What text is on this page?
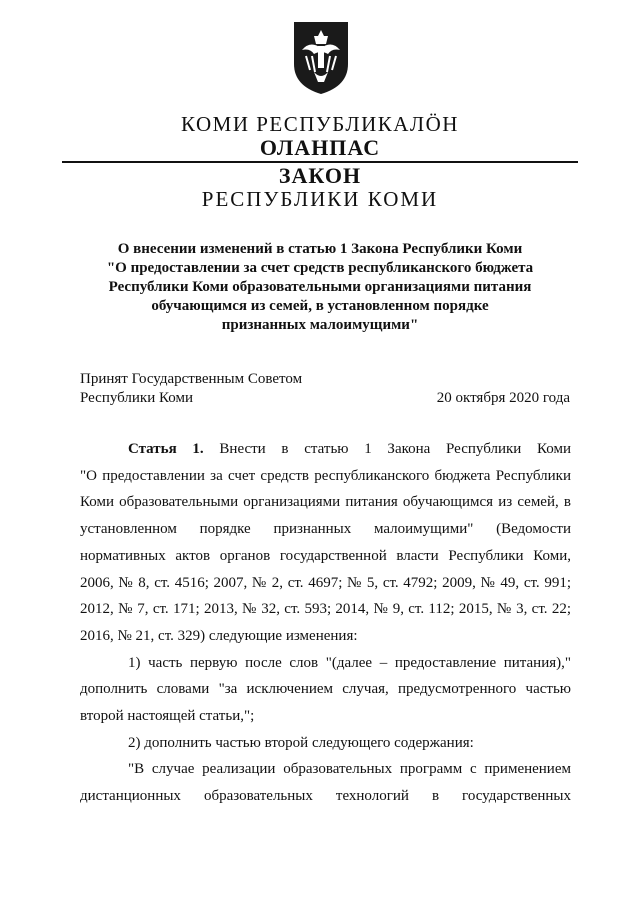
КОМИ РЕСПУБЛИКАЛӦН
ОЛАНПАС
ЗАКОН
РЕСПУБЛИКИ КОМИ
О внесении изменений в статью 1 Закона Республики Коми
"О предоставлении за счет средств республиканского бюджета
Республики Коми образовательными организациями питания
обучающимся из семей, в установленном порядке
признанных малоимущими"
Принят Государственным Советом
Республики Коми	20 октября 2020 года
Статья 1. Внести в статью 1 Закона Республики Коми
"О предоставлении за счет средств республиканского бюджета Республики
Коми образовательными организациями питания обучающимся из семей, в
установленном порядке признанных малоимущими" (Ведомости
нормативных актов органов государственной власти Республики Коми,
2006, № 8, ст. 4516; 2007, № 2, ст. 4697; № 5, ст. 4792; 2009, № 49, ст. 991;
2012, № 7, ст. 171; 2013, № 32, ст. 593; 2014, № 9, ст. 112; 2015, № 3, ст. 22;
2016, № 21, ст. 329) следующие изменения:
1) часть первую после слов "(далее – предоставление питания),"
дополнить словами "за исключением случая, предусмотренного частью
второй настоящей статьи,";
2) дополнить частью второй следующего содержания:
"В случае реализации образовательных программ с применением
дистанционных образовательных технологий в государственных
